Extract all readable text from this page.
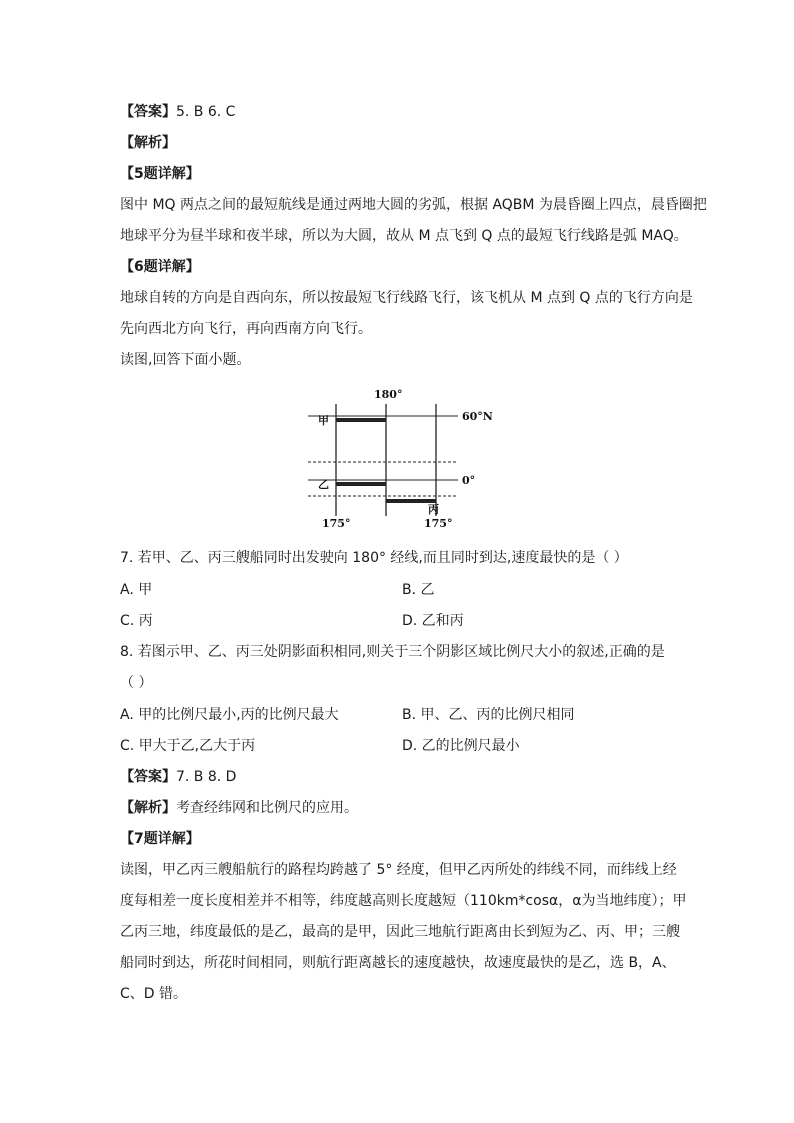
【答案】5. B 6. C
【解析】
【5题详解】
图中 MQ 两点之间的最短航线是通过两地大圆的劣弧，根据 AQBM 为晨昏圈上四点，晨昏圈把
地球平分为昼半球和夜半球，所以为大圆，故从 M 点飞到 Q 点的最短飞行线路是弧 MAQ。
【6题详解】
地球自转的方向是自西向东，所以按最短飞行线路飞行，该飞机从 M 点到 Q 点的飞行方向是
先向西北方向飞行，再向西南方向飞行。
读图,回答下面小题。
180°
60°N
0°
175°	175°
甲
乙
丙
7. 若甲、乙、丙三艘船同时出发驶向 180° 经线,而且同时到达,速度最快的是（ ）
A. 甲	B. 乙
C. 丙	D. 乙和丙
8. 若图示甲、乙、丙三处阴影面积相同,则关于三个阴影区域比例尺大小的叙述,正确的是
（ ）
A. 甲的比例尺最小,丙的比例尺最大	B. 甲、乙、丙的比例尺相同
C. 甲大于乙,乙大于丙	D. 乙的比例尺最小
【答案】7. B 8. D
【解析】考查经纬网和比例尺的应用。
【7题详解】
读图，甲乙丙三艘船航行的路程均跨越了 5° 经度，但甲乙丙所处的纬线不同，而纬线上经
度每相差一度长度相差并不相等，纬度越高则长度越短（110km*cosα，α为当地纬度）；甲
乙丙三地，纬度最低的是乙，最高的是甲，因此三地航行距离由长到短为乙、丙、甲；三艘
船同时到达，所花时间相同，则航行距离越长的速度越快，故速度最快的是乙，选 B，A、
C、D 错。
